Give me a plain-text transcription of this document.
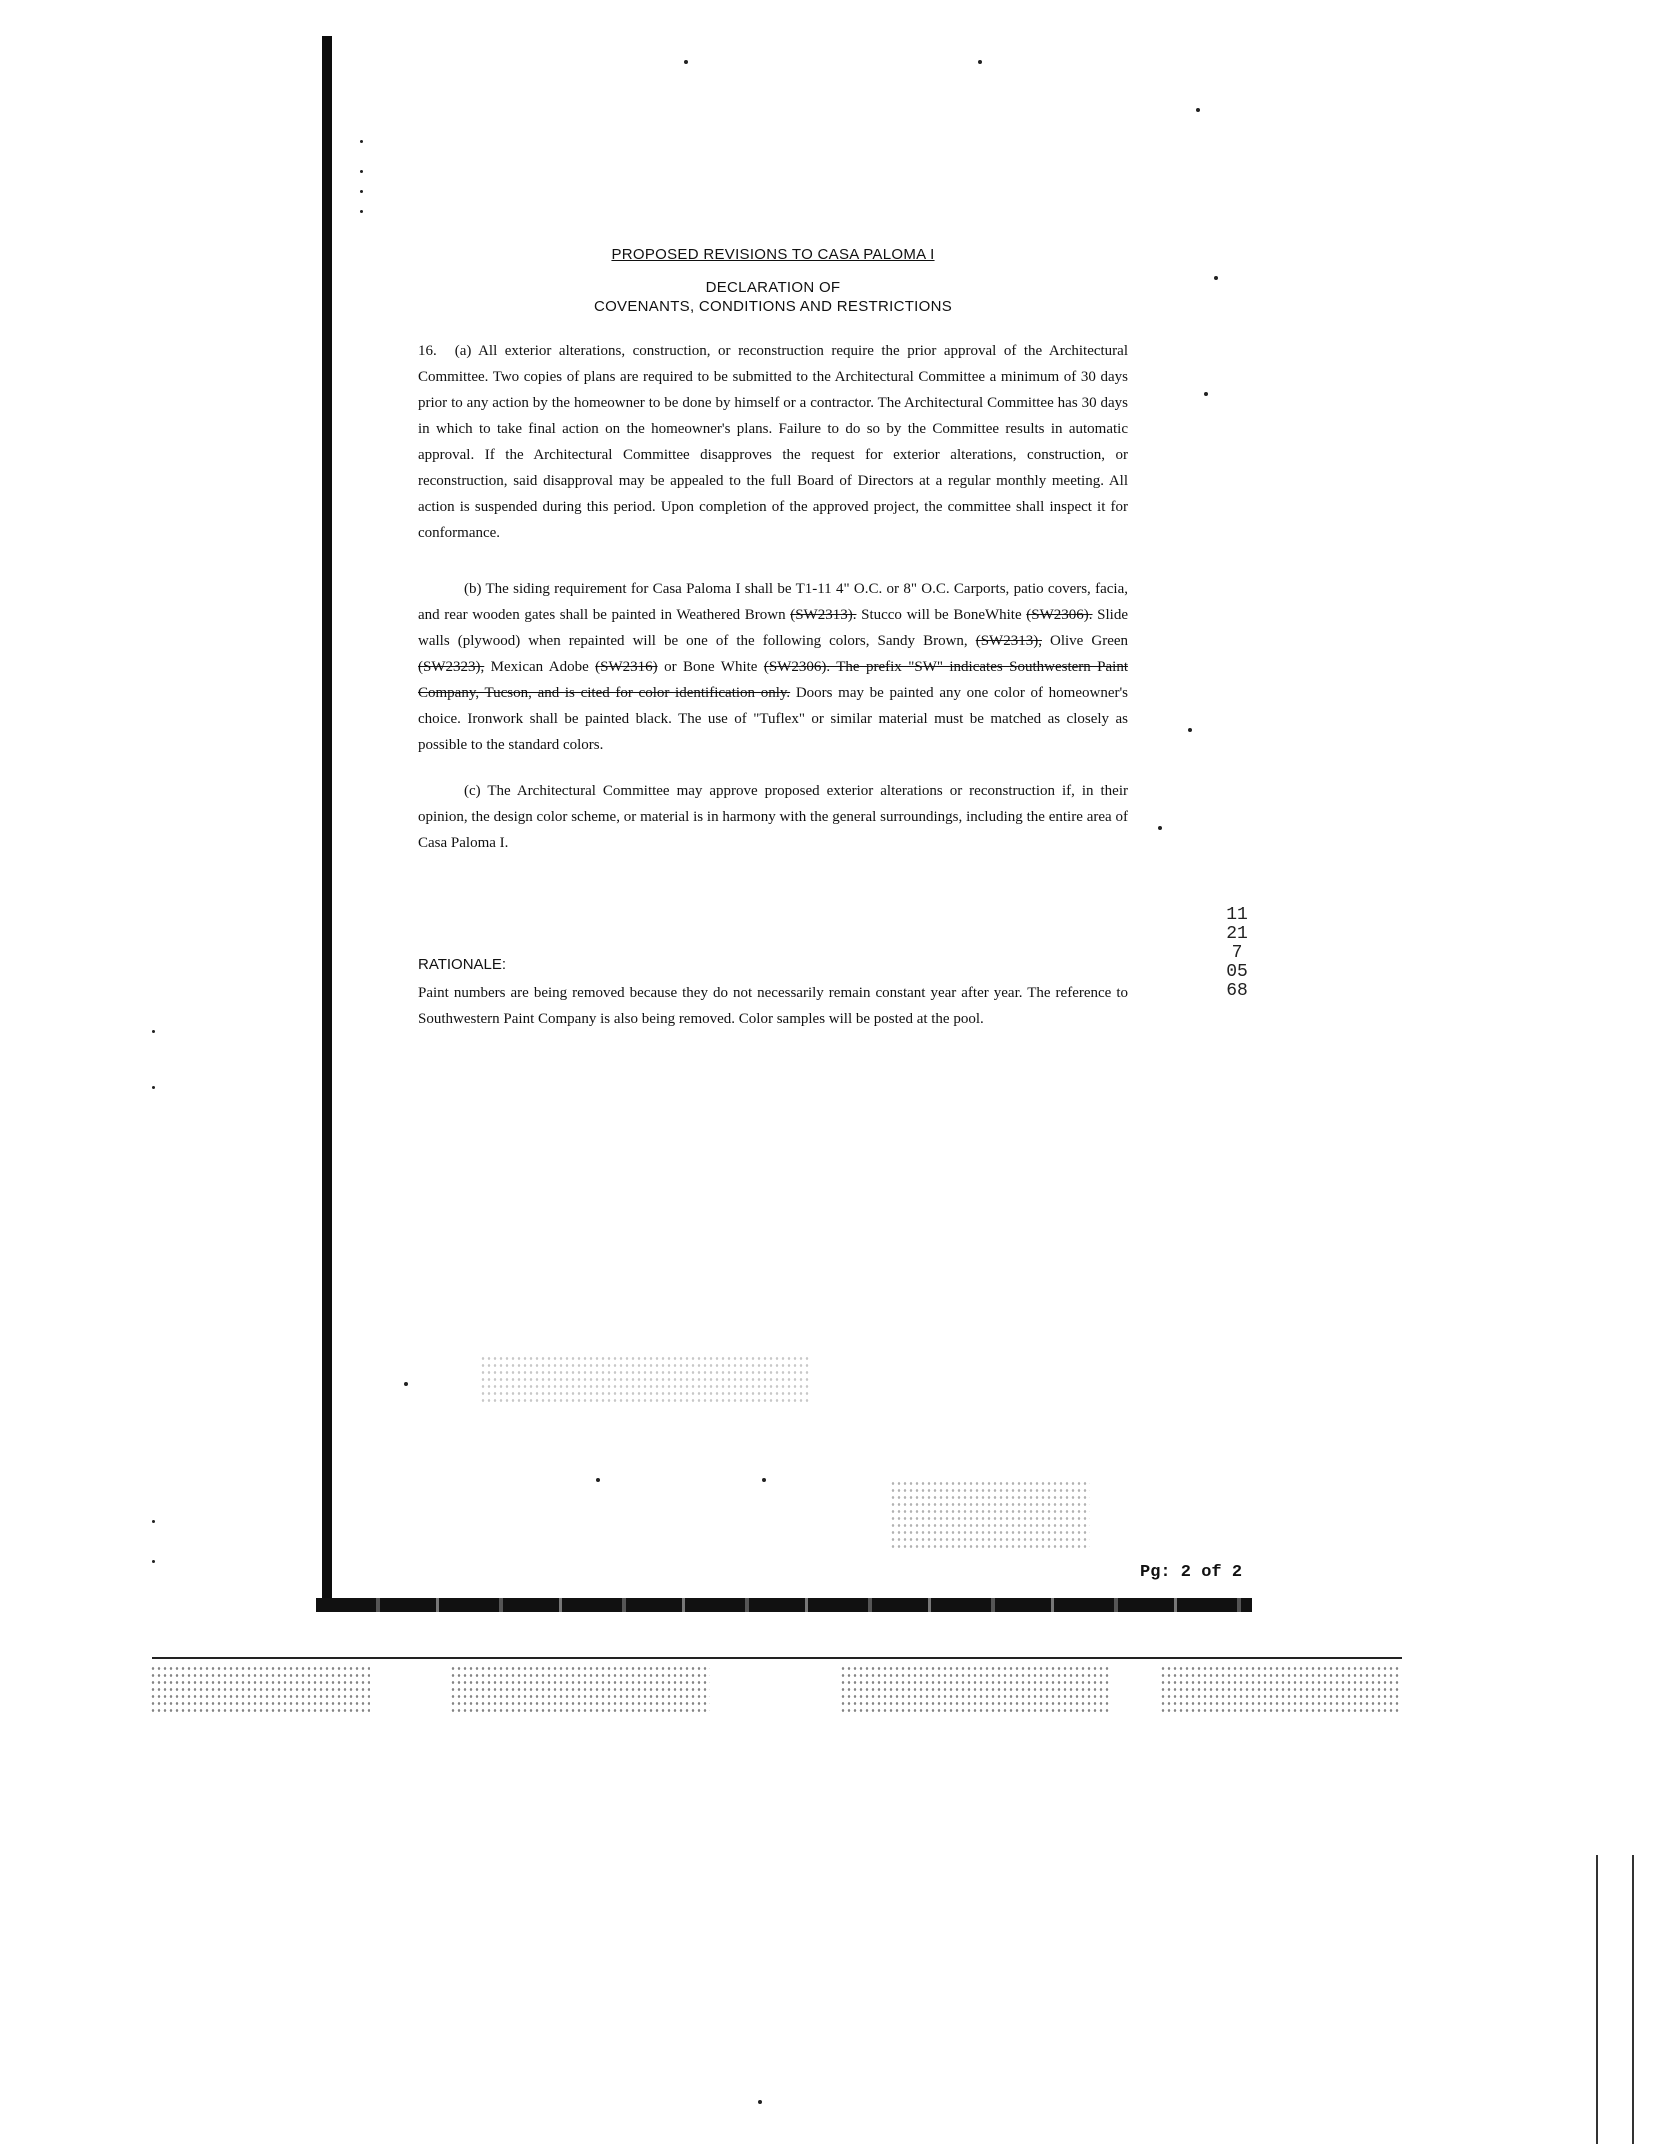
PROPOSED REVISIONS TO CASA PALOMA I
DECLARATION OF
COVENANTS, CONDITIONS AND RESTRICTIONS

16. (a) All exterior alterations, construction, or reconstruction require the prior approval of the Architectural Committee. Two copies of plans are required to be submitted to the Architectural Committee a minimum of 30 days prior to any action by the homeowner to be done by himself or a contractor. The Architectural Committee has 30 days in which to take final action on the homeowner's plans. Failure to do so by the Committee results in automatic approval. If the Architectural Committee disapproves the request for exterior alterations, construction, or reconstruction, said disapproval may be appealed to the full Board of Directors at a regular monthly meeting. All action is suspended during this period. Upon completion of the approved project, the committee shall inspect it for conformance.

(b) The siding requirement for Casa Paloma I shall be T1-11 4" O.C. or 8" O.C. Carports, patio covers, facia, and rear wooden gates shall be painted in Weathered Brown (SW2313). Stucco will be BoneWhite (SW2306). Slide walls (plywood) when repainted will be one of the following colors, Sandy Brown, (SW2313), Olive Green (SW2323), Mexican Adobe (SW2316) or Bone White (SW2306). The prefix "SW" indicates Southwestern Paint Company, Tucson, and is cited for color identification only. Doors may be painted any one color of homeowner's choice. Ironwork shall be painted black. The use of "Tuflex" or similar material must be matched as closely as possible to the standard colors.

(c) The Architectural Committee may approve proposed exterior alterations or reconstruction if, in their opinion, the design color scheme, or material is in harmony with the general surroundings, including the entire area of Casa Paloma I.

RATIONALE:

Paint numbers are being removed because they do not necessarily remain constant year after year. The reference to Southwestern Paint Company is also being removed. Color samples will be posted at the pool.

11217 0568
Pg: 2 of 2
